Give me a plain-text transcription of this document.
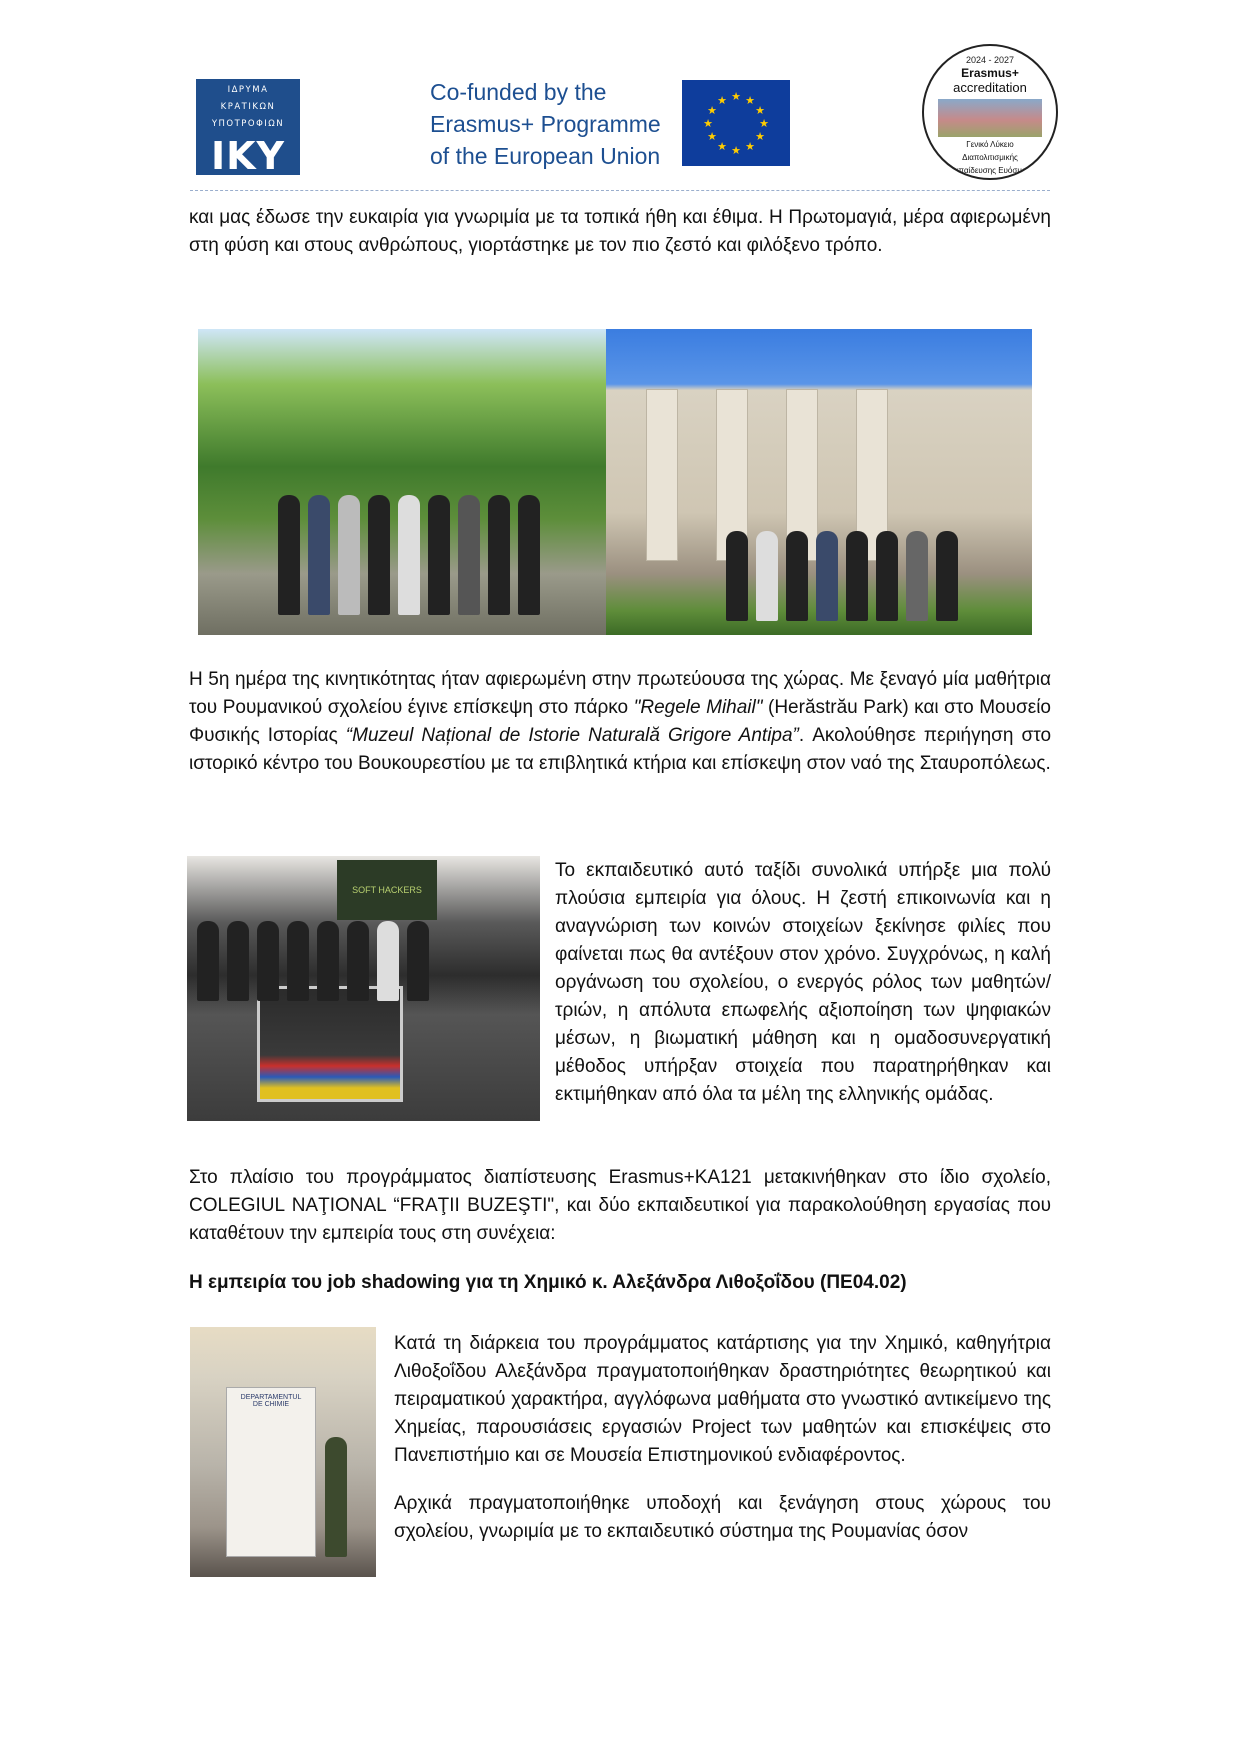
ΙΔΡΥΜΑ
ΚΡΑΤΙΚΩΝ
ΥΠΟΤΡΟΦΙΩΝ
IKY
Co-funded by the
Erasmus+ Programme
of the European Union
★ ★
★
★
★
★
★
★
★
★
★
★
2024 - 2027
Erasmus+
accreditation
Γενικό Λύκειο
Διαπολιτισμικής
Εκπαίδευσης Ευόσμου
και μας έδωσε την ευκαιρία για γνωριμία με τα τοπικά ήθη και έθιμα. Η Πρωτομαγιά, μέρα αφιερωμένη στη φύση και στους ανθρώπους, γιορτάστηκε με τον πιο ζεστό και φιλόξενο τρόπο.
Η 5η ημέρα της κινητικότητας ήταν αφιερωμένη στην πρωτεύουσα της χώρας. Με ξεναγό μία μαθήτρια του Ρουμανικού σχολείου έγινε επίσκεψη στο πάρκο "Regele Mihail" (Herăstrău Park) και στο Μουσείο Φυσικής Ιστορίας “Muzeul Național de Istorie Naturală Grigore Antipa”. Ακολούθησε περιήγηση στο ιστορικό κέντρο του Βουκουρεστίου με τα επιβλητικά κτήρια και επίσκεψη στον ναό της Σταυροπόλεως.
SOFT HACKERS
Το εκπαιδευτικό αυτό ταξίδι συνολικά υπήρξε μια πολύ πλούσια εμπειρία για όλους. Η ζεστή επικοινωνία και η αναγνώριση των κοινών στοιχείων ξεκίνησε φιλίες που φαίνεται πως θα αντέξουν στον χρόνο. Συγχρόνως, η καλή οργάνωση του σχολείου, ο ενεργός ρόλος των μαθητών/τριών, η απόλυτα επωφελής αξιοποίηση των ψηφιακών μέσων, η βιωματική μάθηση και η ομαδοσυνεργατική μέθοδος υπήρξαν στοιχεία που παρατηρήθηκαν και εκτιμήθηκαν από όλα τα μέλη της ελληνικής ομάδας.
Στο πλαίσιο του προγράμματος διαπίστευσης Erasmus+KA121 μετακινήθηκαν στο ίδιο σχολείο, COLEGIUL NAŢIONAL “FRAŢII BUZEŞTI", και δύο εκπαιδευτικοί για παρακολούθηση εργασίας που καταθέτουν την εμπειρία τους στη συνέχεια:
Η εμπειρία του job shadowing για τη Χημικό κ. Αλεξάνδρα Λιθοξοΐδου (ΠΕ04.02)
DEPARTAMENTUL
DE CHIMIE
Κατά τη διάρκεια του προγράμματος κατάρτισης για την Χημικό, καθηγήτρια Λιθοξοΐδου Αλεξάνδρα πραγματοποιήθηκαν δραστηριότητες θεωρητικού και πειραματικού χαρακτήρα, αγγλόφωνα μαθήματα στο γνωστικό αντικείμενο της Χημείας, παρουσιάσεις εργασιών Project των μαθητών και επισκέψεις στο Πανεπιστήμιο και σε Μουσεία Επιστημονικού ενδιαφέροντος.
Αρχικά πραγματοποιήθηκε υποδοχή και ξενάγηση στους χώρους του σχολείου, γνωριμία με το εκπαιδευτικό σύστημα της Ρουμανίας όσον
